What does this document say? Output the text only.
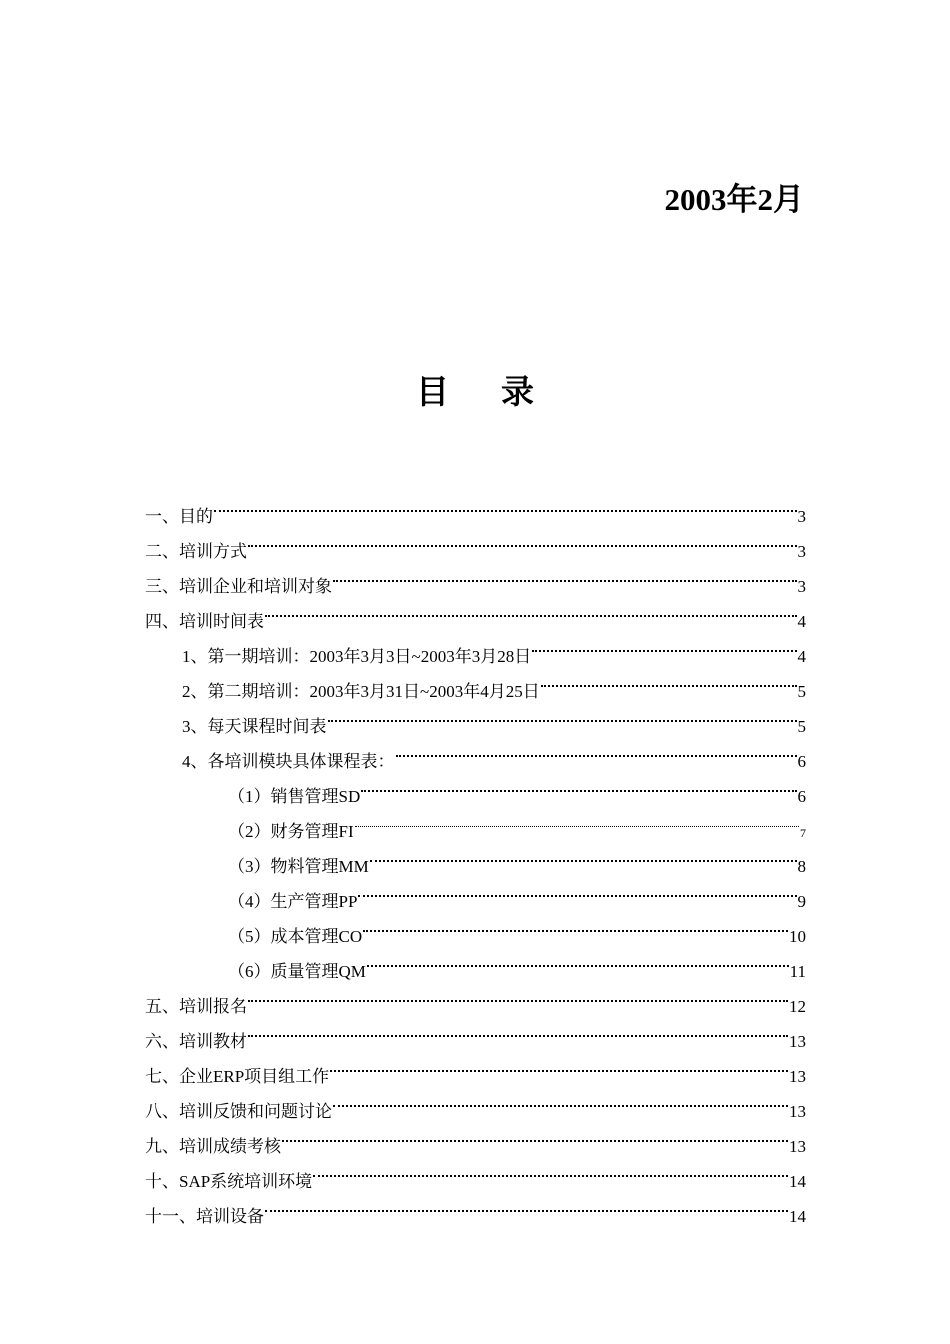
2003年2月
目录
一、目的	3
二、培训方式	3
三、培训企业和培训对象	3
四、培训时间表	4
1、第一期培训：2003年3月3日~2003年3月28日	4
2、第二期培训：2003年3月31日~2003年4月25日	5
3、每天课程时间表	5
4、各培训模块具体课程表：	6
（1）销售管理SD	6
（2）财务管理FI	7
（3）物料管理MM	8
（4）生产管理PP	9
（5）成本管理CO	10
（6）质量管理QM	11
五、培训报名	12
六、培训教材	13
七、企业ERP项目组工作	13
八、培训反馈和问题讨论	13
九、培训成绩考核	13
十、SAP系统培训环境	14
十一、培训设备	14
